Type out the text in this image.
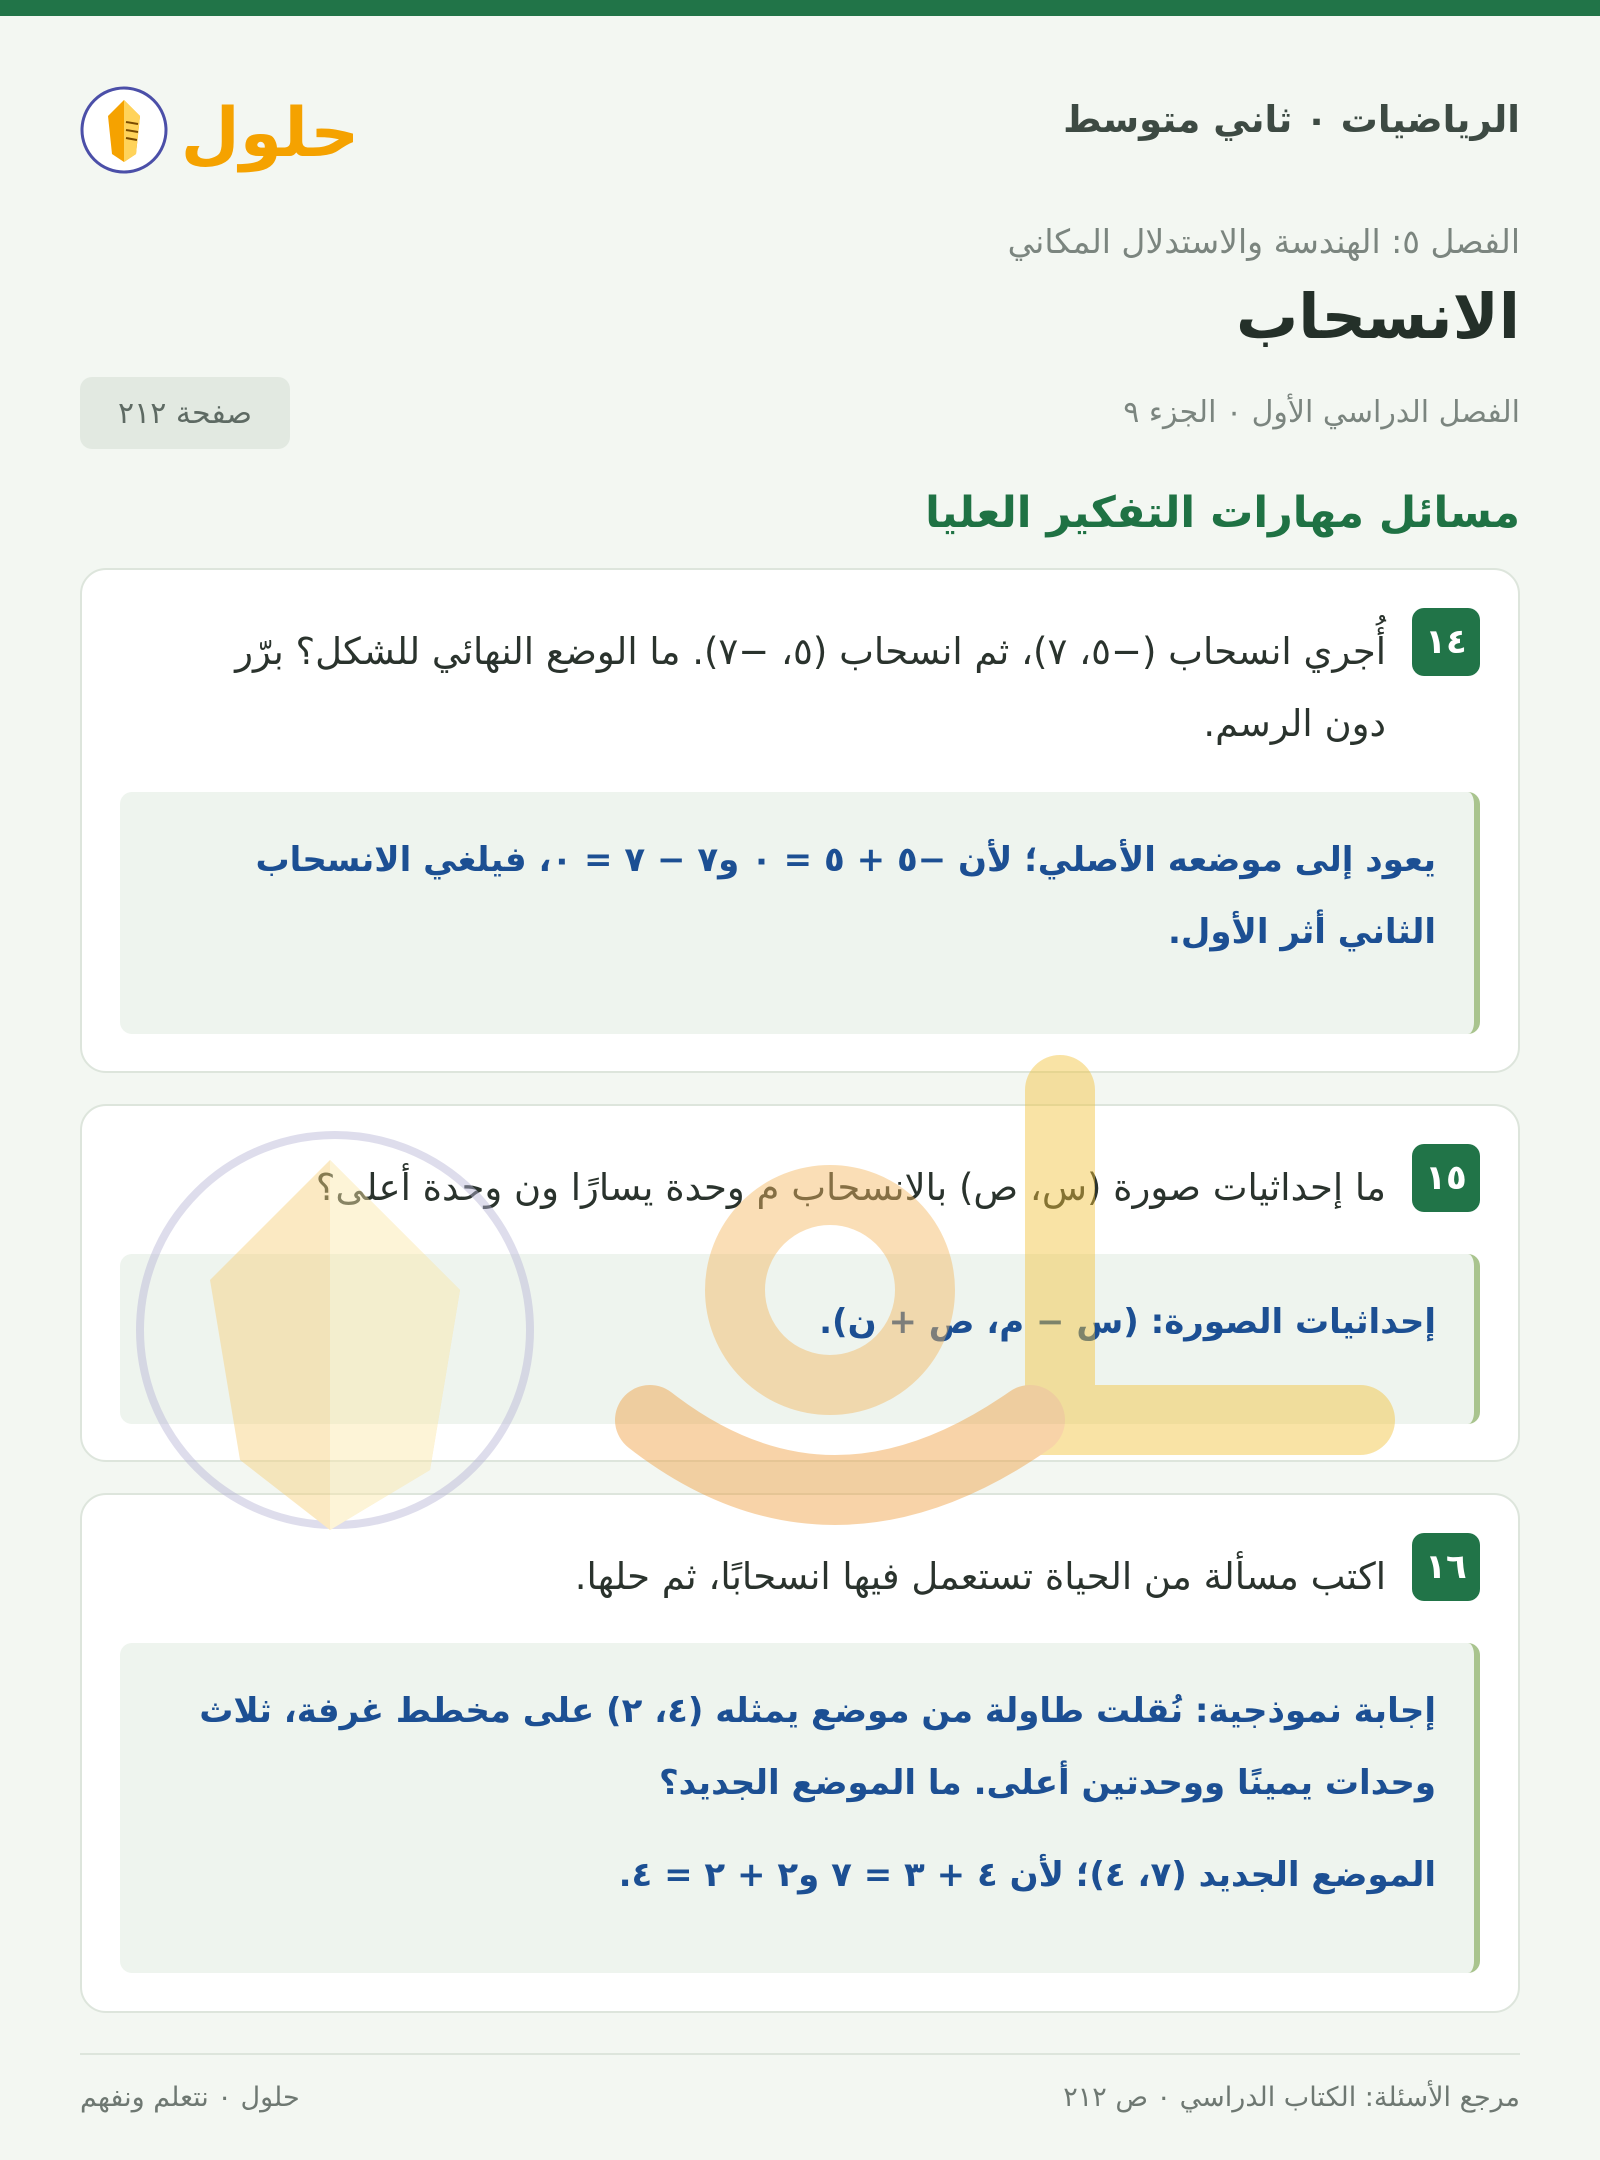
الرياضيات ٠ ثاني متوسط
حلول
الفصل ٥: الهندسة والاستدلال المكاني
الانسحاب
الفصل الدراسي الأول ٠ الجزء ٩
صفحة ٢١٢
مسائل مهارات التفكير العليا
١٤

أُجري انسحاب (−٥، ٧)، ثم انسحاب (٥، −٧). ما الوضع النهائي للشكل؟ برّر دون الرسم.

يعود إلى موضعه الأصلي؛ لأن −٥ + ٥ = ٠ و٧ − ٧ = ٠، فيلغي الانسحاب الثاني أثر الأول.

١٥

ما إحداثيات صورة (س، ص) بالانسحاب م وحدة يسارًا ون وحدة أعلى؟

إحداثيات الصورة: (س − م، ص + ن).

١٦

اكتب مسألة من الحياة تستعمل فيها انسحابًا، ثم حلها.

إجابة نموذجية: نُقلت طاولة من موضع يمثله (٤، ٢) على مخطط غرفة، ثلاث وحدات يمينًا ووحدتين أعلى. ما الموضع الجديد؟

الموضع الجديد (٧، ٤)؛ لأن ٤ + ٣ = ٧ و٢ + ٢ = ٤.

مرجع الأسئلة: الكتاب الدراسي ٠ ص ٢١٢
حلول ٠ نتعلم ونفهم
